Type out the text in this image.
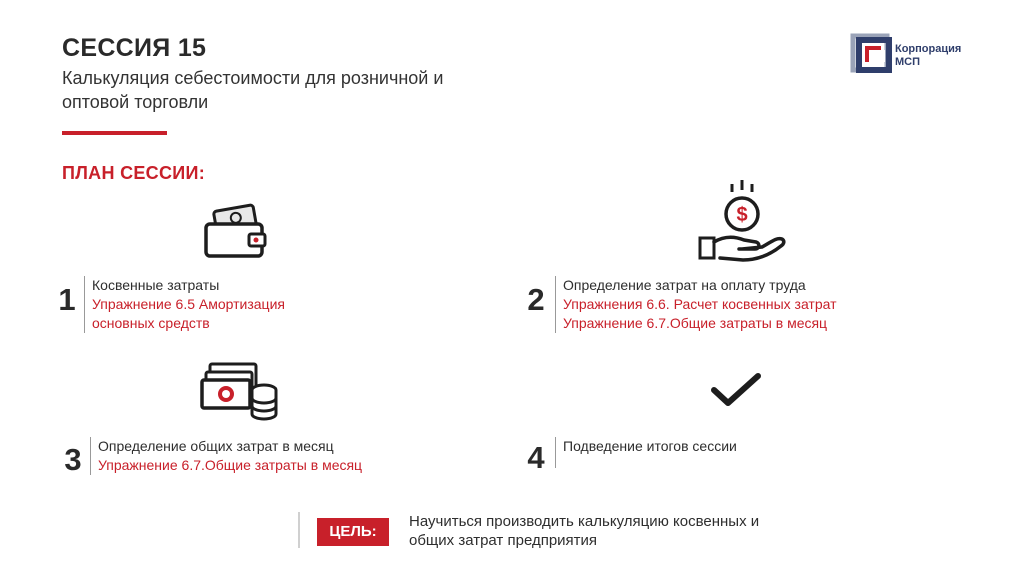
СЕССИЯ 15
Калькуляция себестоимости для розничной и
оптовой торговли
ПЛАН СЕССИИ:
Корпорация
МСП
$
1	Косвенные затраты
Упражнение 6.5 Амортизация
основных средств
2	Определение затрат на оплату труда
Упражнения 6.6. Расчет косвенных затрат
Упражнение 6.7.Общие затраты в месяц
3	Определение общих затрат в месяц
Упражнение 6.7.Общие затраты в месяц	4	Подведение итогов сессии
ЦЕЛЬ:
Научиться производить калькуляцию косвенных и
общих затрат предприятия
